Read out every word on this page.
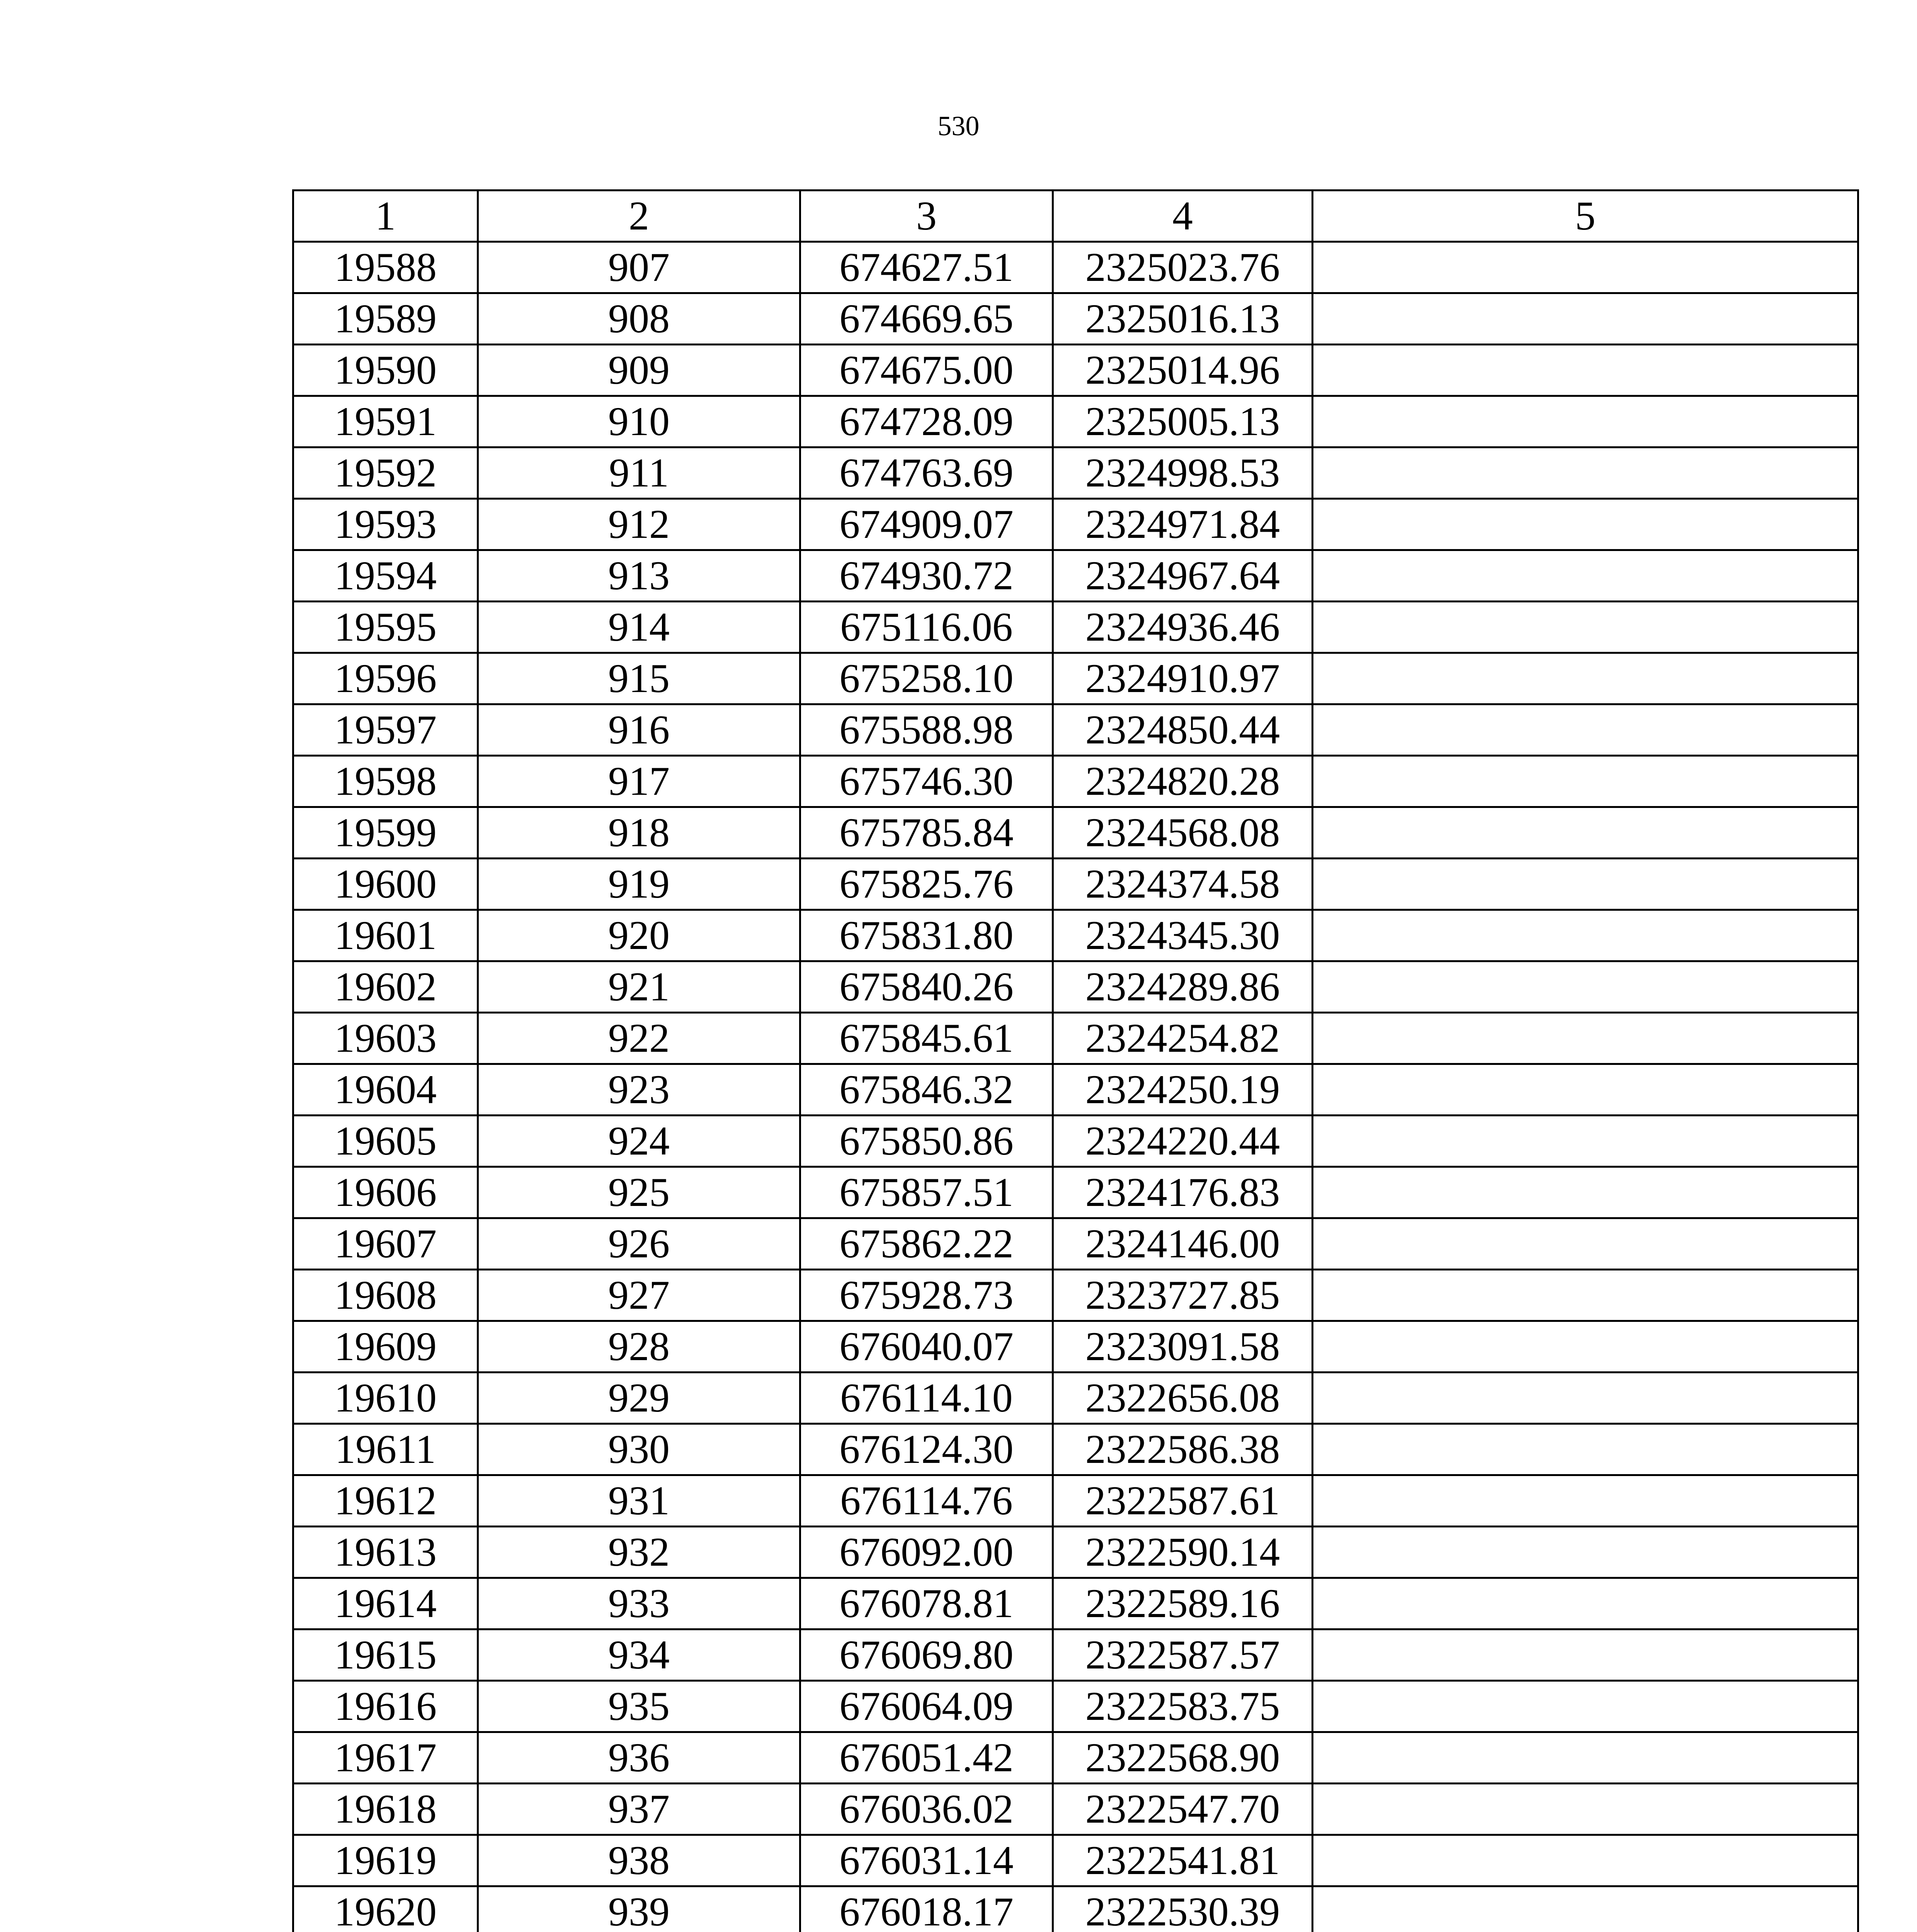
530
1	2	3	4	5
19588	907	674627.51	2325023.76	
19589	908	674669.65	2325016.13	
19590	909	674675.00	2325014.96	
19591	910	674728.09	2325005.13	
19592	911	674763.69	2324998.53	
19593	912	674909.07	2324971.84	
19594	913	674930.72	2324967.64	
19595	914	675116.06	2324936.46	
19596	915	675258.10	2324910.97	
19597	916	675588.98	2324850.44	
19598	917	675746.30	2324820.28	
19599	918	675785.84	2324568.08	
19600	919	675825.76	2324374.58	
19601	920	675831.80	2324345.30	
19602	921	675840.26	2324289.86	
19603	922	675845.61	2324254.82	
19604	923	675846.32	2324250.19	
19605	924	675850.86	2324220.44	
19606	925	675857.51	2324176.83	
19607	926	675862.22	2324146.00	
19608	927	675928.73	2323727.85	
19609	928	676040.07	2323091.58	
19610	929	676114.10	2322656.08	
19611	930	676124.30	2322586.38	
19612	931	676114.76	2322587.61	
19613	932	676092.00	2322590.14	
19614	933	676078.81	2322589.16	
19615	934	676069.80	2322587.57	
19616	935	676064.09	2322583.75	
19617	936	676051.42	2322568.90	
19618	937	676036.02	2322547.70	
19619	938	676031.14	2322541.81	
19620	939	676018.17	2322530.39	
